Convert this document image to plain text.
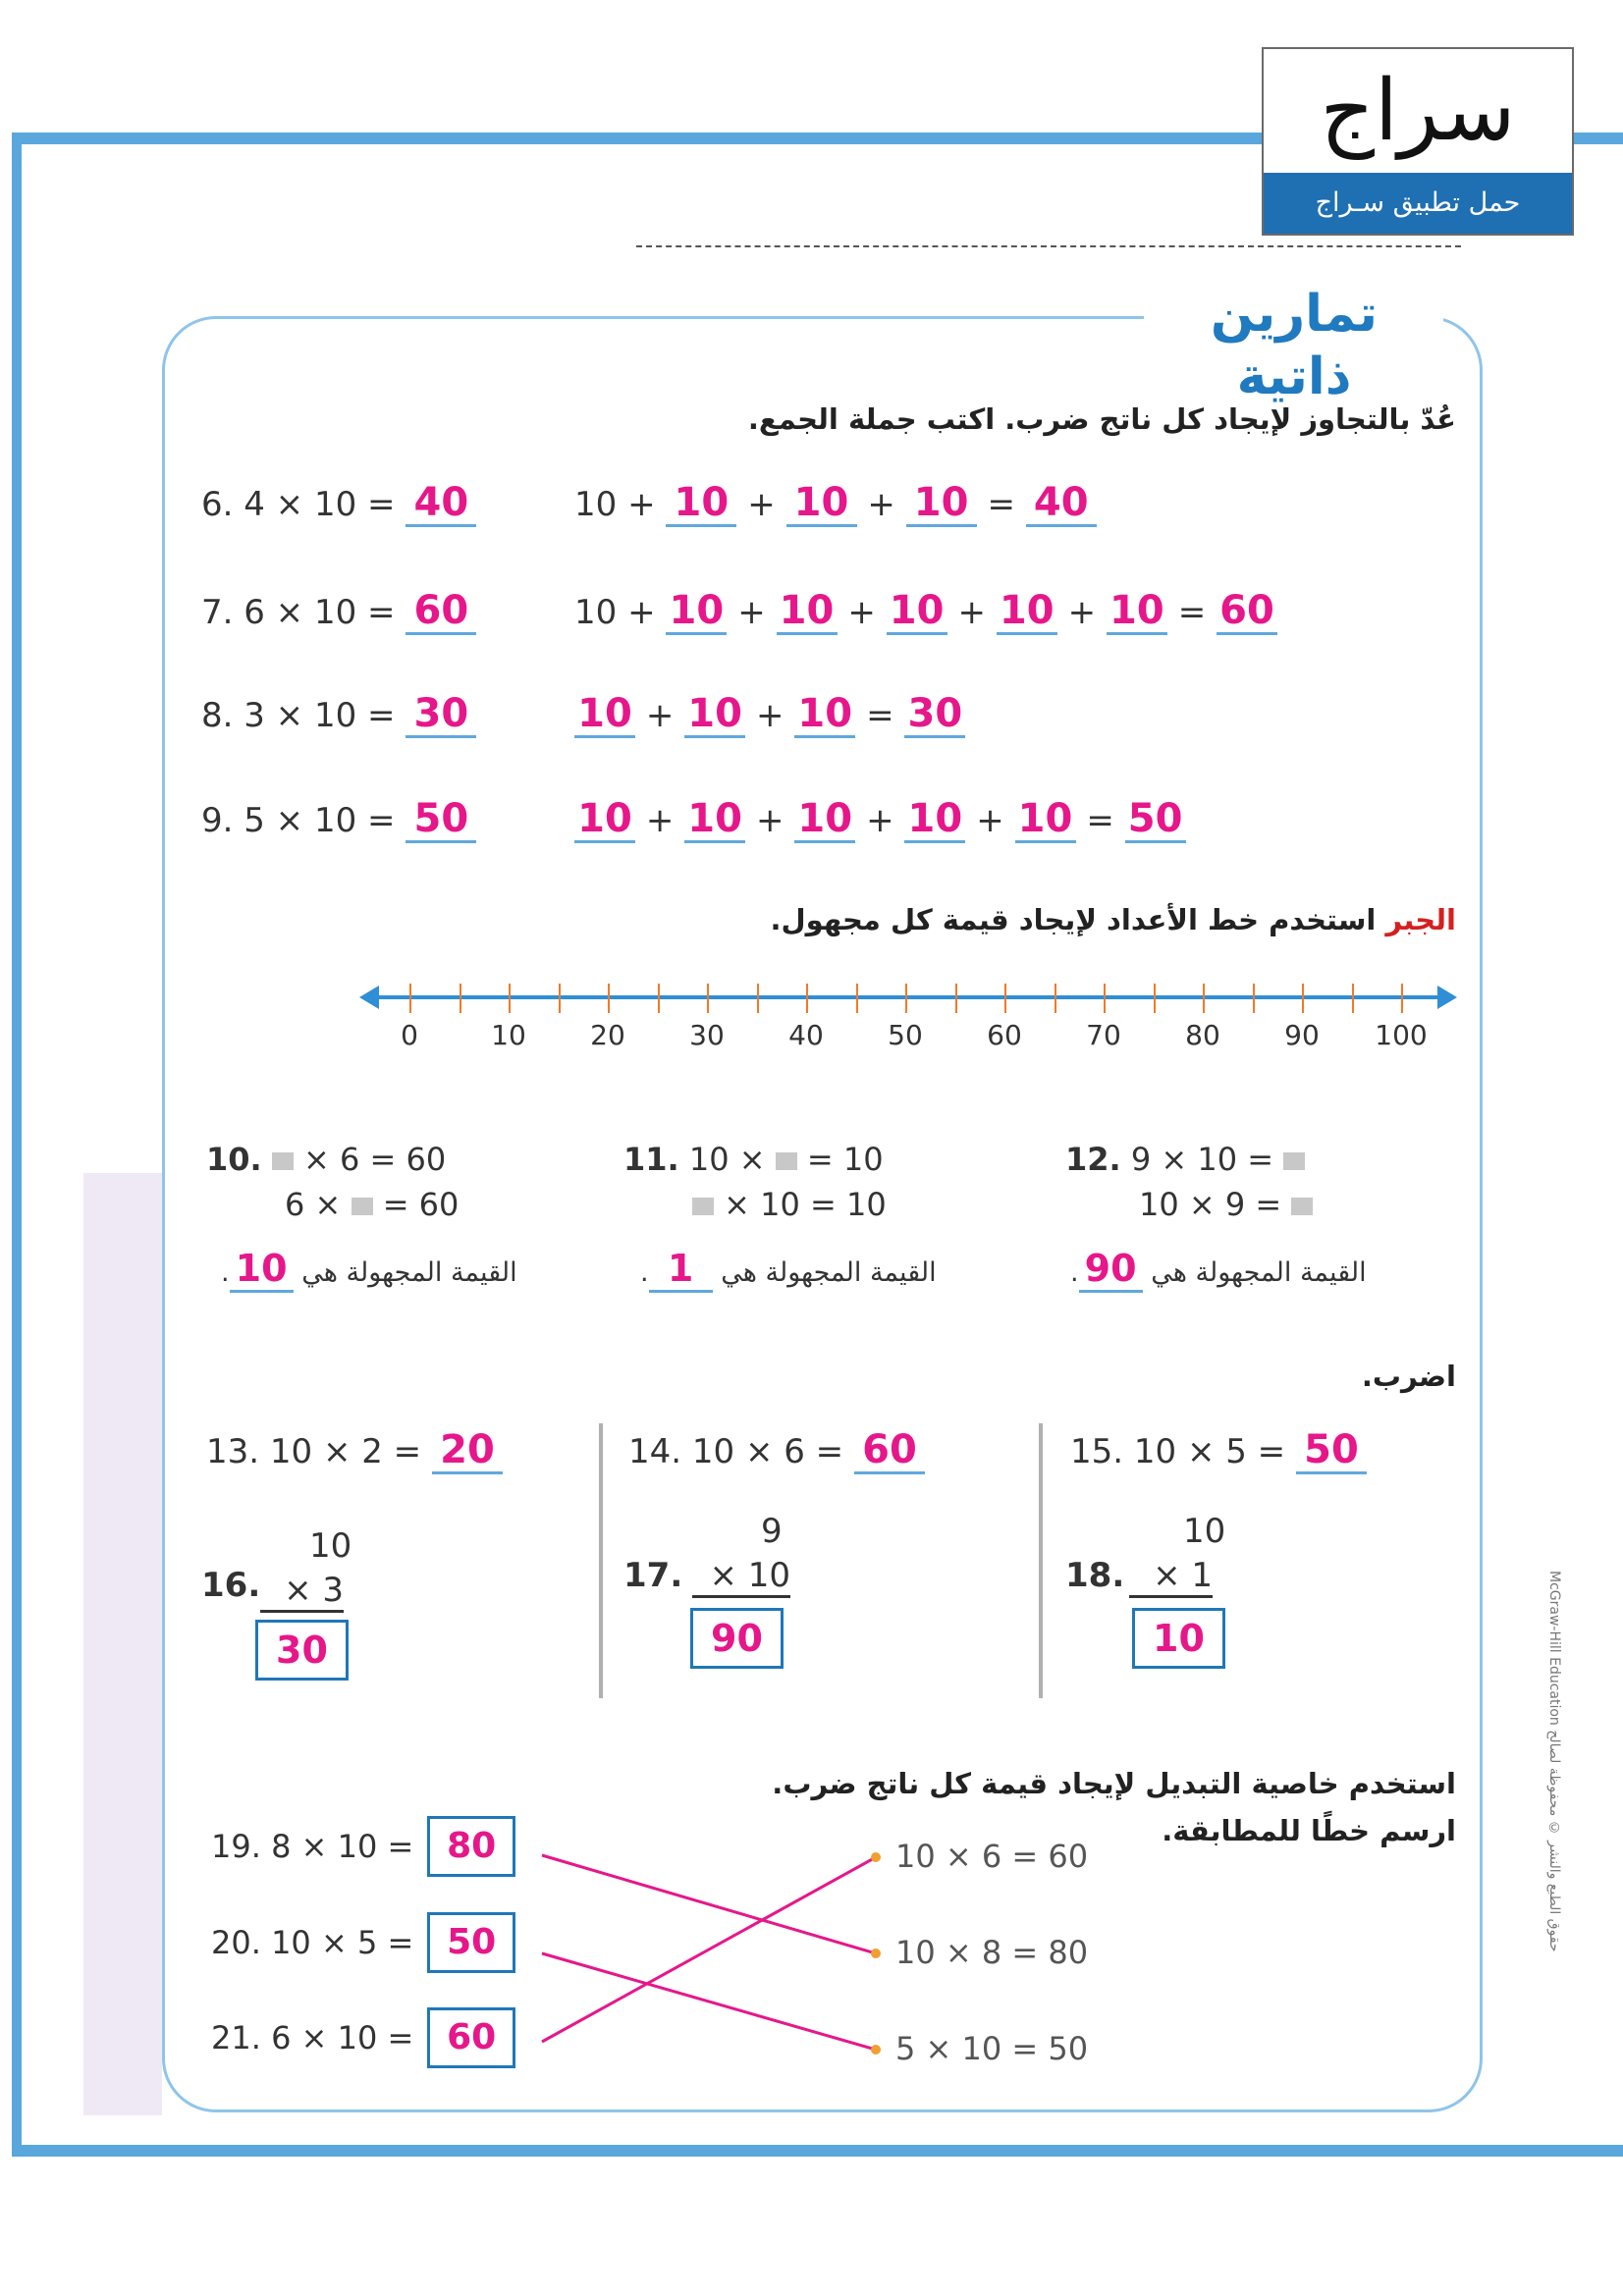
سراج
حمل تطبيق سـراج
تمارين ذاتية
عُدّ بالتجاوز لإيجاد كل ناتج ضرب. اكتب جملة الجمع.
6. 4 × 10 = 40	10 + 10 + 10 + 10 = 40
7. 6 × 10 = 60	10 + 10 + 10 + 10 + 10 + 10 = 60
8. 3 × 10 = 30	10 + 10 + 10 = 30
9. 5 × 10 = 50	10 + 10 + 10 + 10 + 10 = 50
الجبر استخدم خط الأعداد لإيجاد قيمة كل مجهول.
0	10	20	30	40	50	60	70	80	90	100
10. × 6 = 60
6 × = 60
11. 10 × = 10
× 10 = 10
12. 9 × 10 =
10 × 9 =
القيمة المجهولة هي 10.	القيمة المجهولة هي 1.	القيمة المجهولة هي 90.
اضرب.
13. 10 × 2 = 20	14. 10 × 6 = 60	15. 10 × 5 = 50
16.
10
× 3
30
17.
9
× 10
90
18.
10
× 1
10
استخدم خاصية التبديل لإيجاد قيمة كل ناتج ضرب.
ارسم خطًا للمطابقة.
19. 8 × 10 = 80
20. 10 × 5 = 50
21. 6 × 10 = 60
10 × 6 = 60
10 × 8 = 80
5 × 10 = 50
McGraw-Hill Education حقوق الطبع والنشر © محفوظة لصالح
